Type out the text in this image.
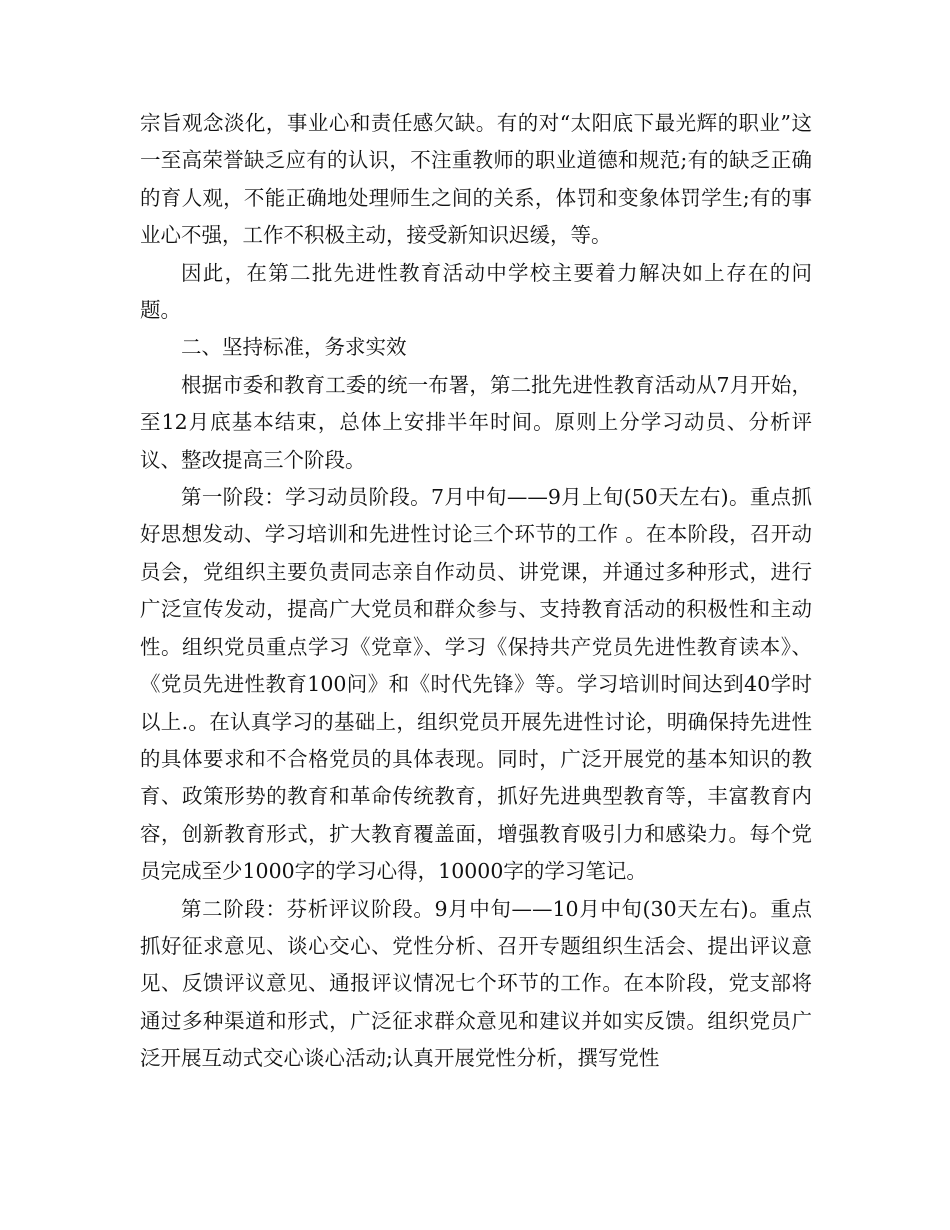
宗旨观念淡化，事业心和责任感欠缺。有的对“太阳底下最光辉的职业”这一至高荣誉缺乏应有的认识，不注重教师的职业道德和规范;有的缺乏正确的育人观，不能正确地处理师生之间的关系，体罚和变象体罚学生;有的事业心不强，工作不积极主动，接受新知识迟缓，等。

因此，在第二批先进性教育活动中学校主要着力解决如上存在的问题。

二、坚持标准，务求实效

根据市委和教育工委的统一布署，第二批先进性教育活动从7月开始，至12月底基本结束，总体上安排半年时间。原则上分学习动员、分析评议、整改提高三个阶段。

第一阶段：学习动员阶段。7月中旬——9月上旬(50天左右)。重点抓好思想发动、学习培训和先进性讨论三个环节的工作 。在本阶段，召开动员会，党组织主要负责同志亲自作动员、讲党课，并通过多种形式，进行广泛宣传发动，提高广大党员和群众参与、支持教育活动的积极性和主动性。组织党员重点学习《党章》、学习《保持共产党员先进性教育读本》、《党员先进性教育100问》和《时代先锋》等。学习培训时间达到40学时以上.。在认真学习的基础上，组织党员开展先进性讨论，明确保持先进性的具体要求和不合格党员的具体表现。同时，广泛开展党的基本知识的教育、政策形势的教育和革命传统教育，抓好先进典型教育等，丰富教育内容，创新教育形式，扩大教育覆盖面，增强教育吸引力和感染力。每个党员完成至少1000字的学习心得，10000字的学习笔记。

第二阶段：芬析评议阶段。9月中旬——10月中旬(30天左右)。重点抓好征求意见、谈心交心、党性分析、召开专题组织生活会、提出评议意见、反馈评议意见、通报评议情况七个环节的工作。在本阶段，党支部将通过多种渠道和形式，广泛征求群众意见和建议并如实反馈。组织党员广泛开展互动式交心谈心活动;认真开展党性分析，撰写党性
